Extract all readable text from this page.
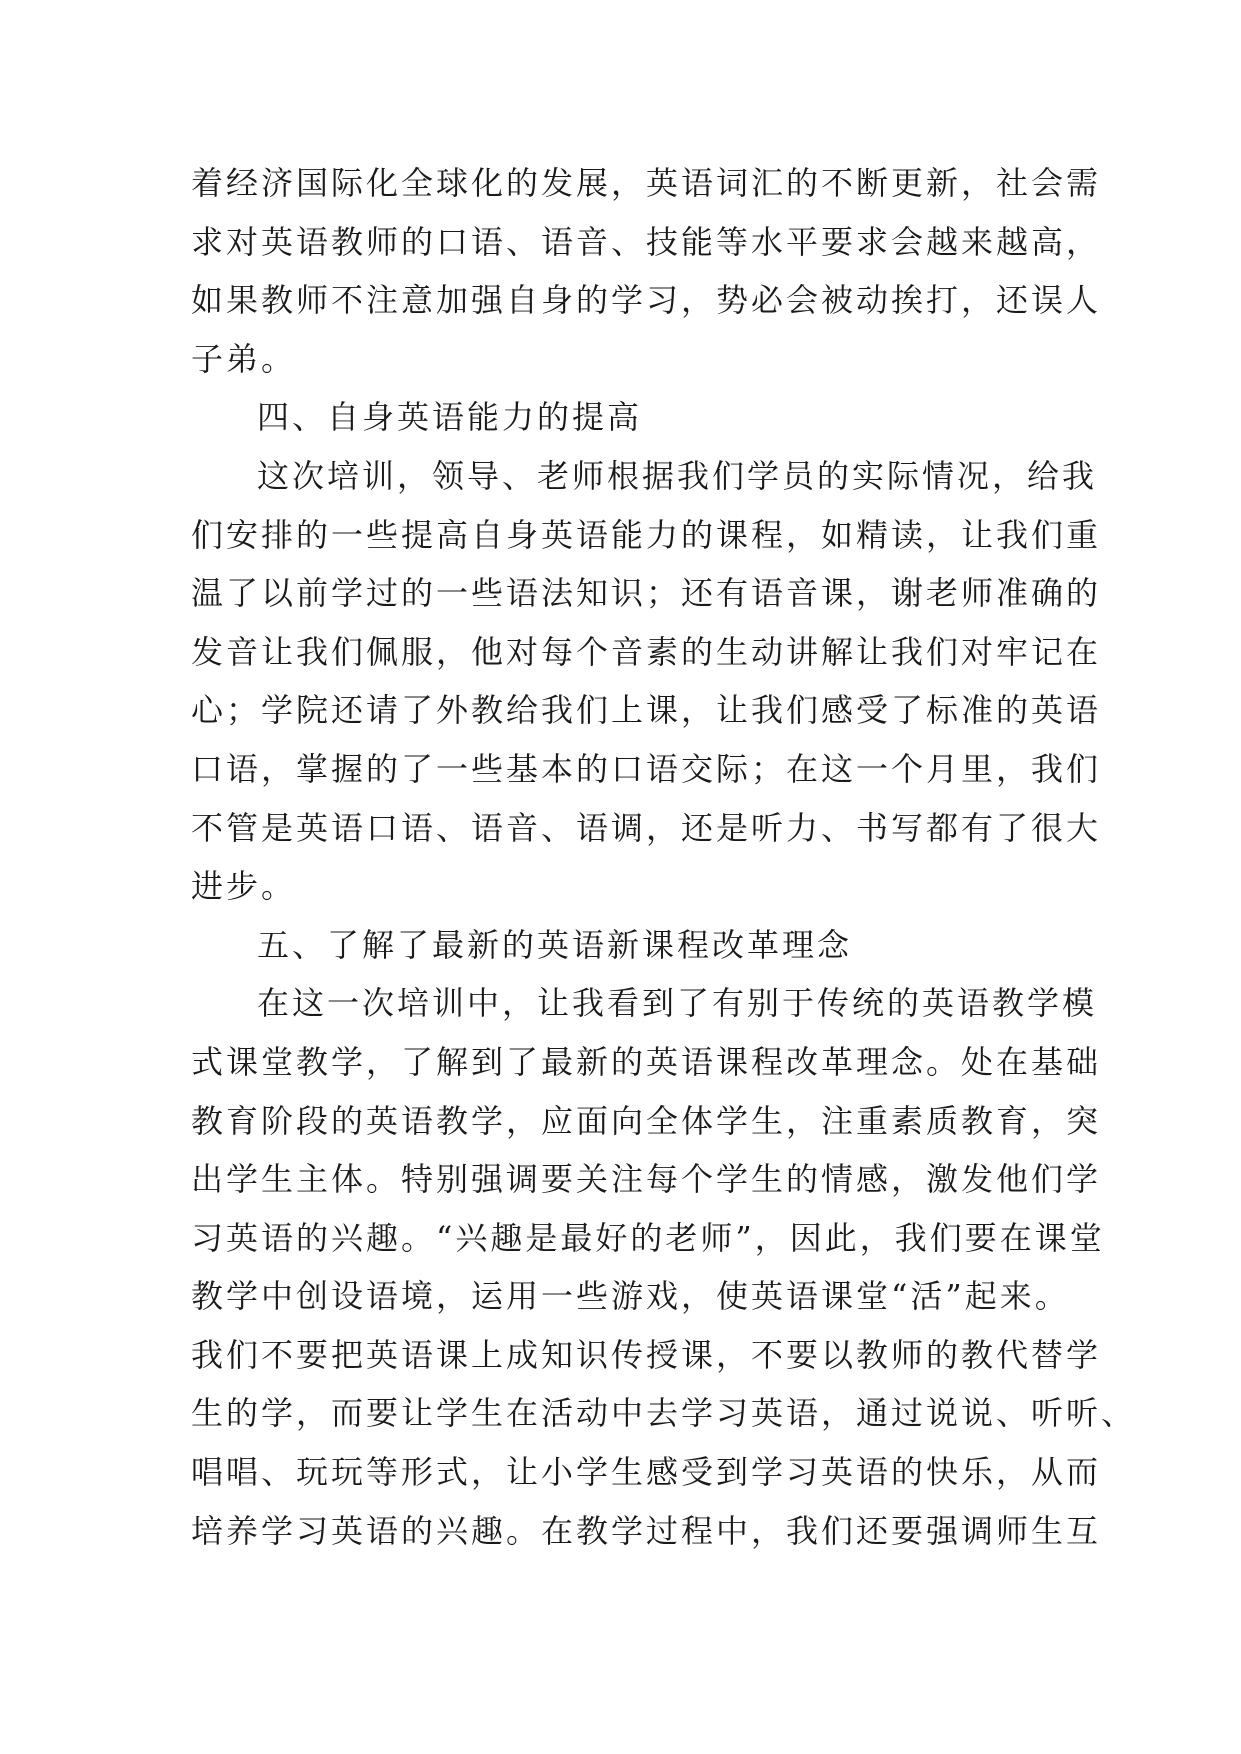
着经济国际化全球化的发展，英语词汇的不断更新，社会需
求对英语教师的口语、语音、技能等水平要求会越来越高，
如果教师不注意加强自身的学习，势必会被动挨打，还误人
子弟。
四、自身英语能力的提高
这次培训，领导、老师根据我们学员的实际情况，给我
们安排的一些提高自身英语能力的课程，如精读，让我们重
温了以前学过的一些语法知识；还有语音课，谢老师准确的
发音让我们佩服，他对每个音素的生动讲解让我们对牢记在
心；学院还请了外教给我们上课，让我们感受了标准的英语
口语，掌握的了一些基本的口语交际；在这一个月里，我们
不管是英语口语、语音、语调，还是听力、书写都有了很大
进步。
五、了解了最新的英语新课程改革理念
在这一次培训中，让我看到了有别于传统的英语教学模
式课堂教学，了解到了最新的英语课程改革理念。处在基础
教育阶段的英语教学，应面向全体学生，注重素质教育，突
出学生主体。特别强调要关注每个学生的情感，激发他们学
习英语的兴趣。“兴趣是最好的老师”，因此，我们要在课堂
教学中创设语境，运用一些游戏，使英语课堂“活”起来。
我们不要把英语课上成知识传授课，不要以教师的教代替学
生的学，而要让学生在活动中去学习英语，通过说说、听听、
唱唱、玩玩等形式，让小学生感受到学习英语的快乐，从而
培养学习英语的兴趣。在教学过程中，我们还要强调师生互
